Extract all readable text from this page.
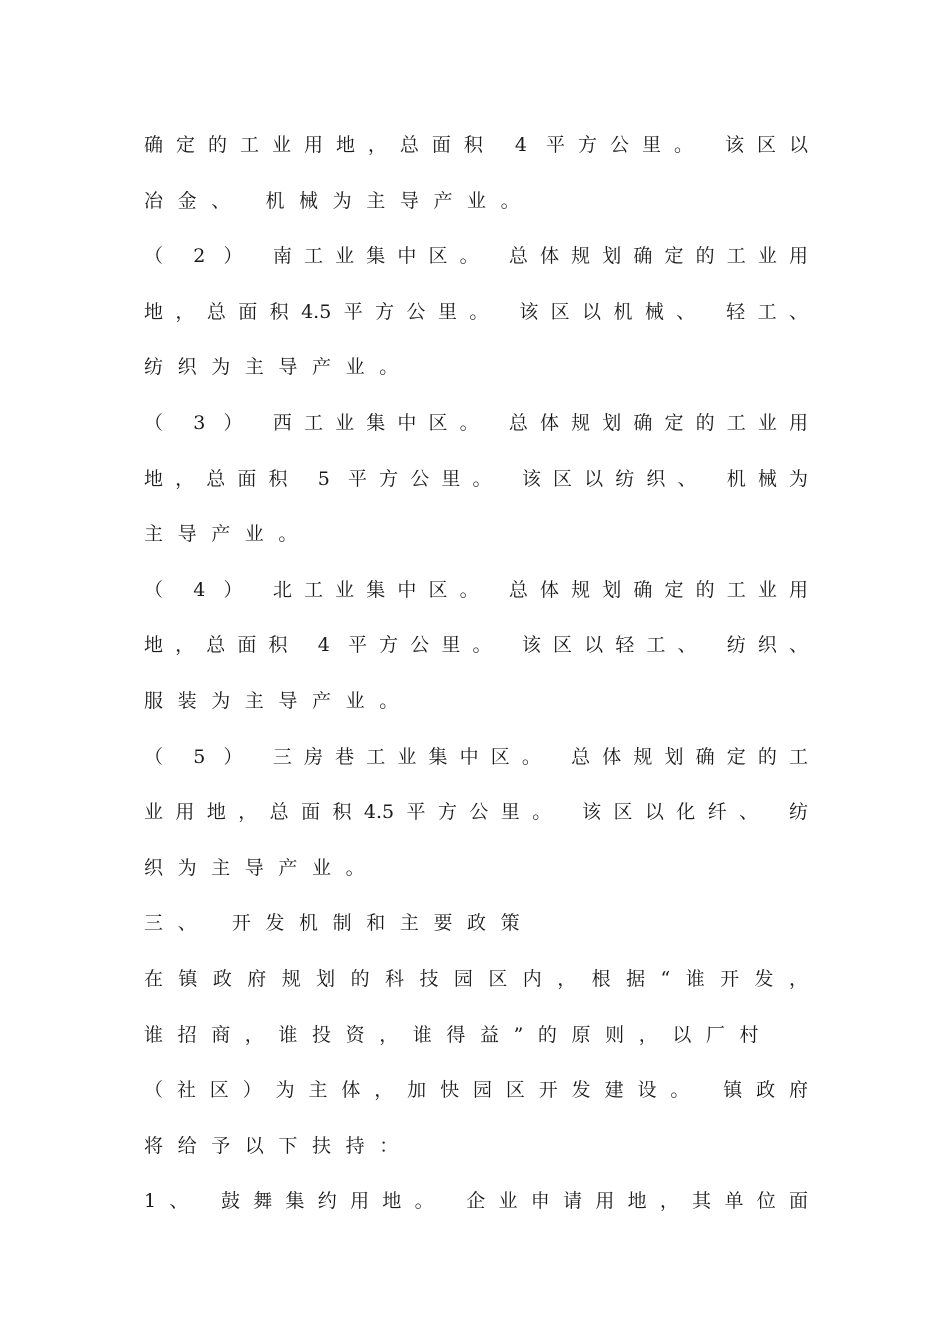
确定的工业用地，总面积 4 平方公里。 该区以
冶金、 机械为主导产业。
（ 2 ） 南工业集中区。 总体规划确定的工业用
地，总面积4.5平方公里。 该区以机械、 轻工、
纺织为主导产业。
（ 3 ） 西工业集中区。 总体规划确定的工业用
地，总面积 5 平方公里。 该区以纺织、 机械为
主导产业。
（ 4 ） 北工业集中区。 总体规划确定的工业用
地，总面积 4 平方公里。 该区以轻工、 纺织、
服装为主导产业。
（ 5 ） 三房巷工业集中区。 总体规划确定的工
业用地，总面积4.5平方公里。 该区以化纤、 纺
织为主导产业。
三、 开发机制和主要政策
在镇政府规划的科技园区内，根据“谁开发，
谁招商，谁投资，谁得益”的原则，以厂村
（社区）为主体，加快园区开发建设。 镇政府
将给予以下扶持：
1、 鼓舞集约用地。 企业申请用地，其单位面
